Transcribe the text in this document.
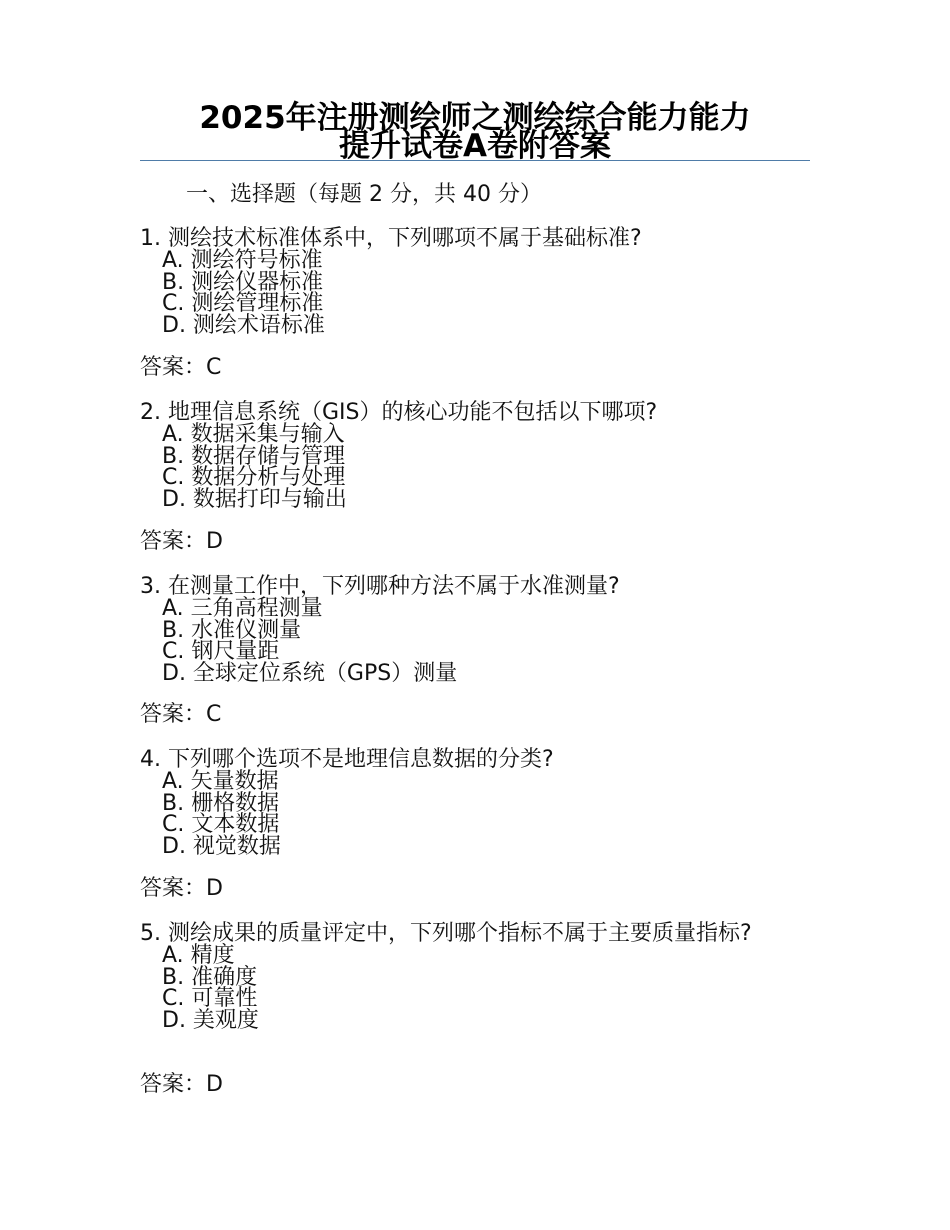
2025年注册测绘师之测绘综合能力能力
提升试卷A卷附答案
一、选择题（每题 2 分，共 40 分）
1. 测绘技术标准体系中，下列哪项不属于基础标准?
A. 测绘符号标准
B. 测绘仪器标准
C. 测绘管理标准
D. 测绘术语标准
答案：C
2. 地理信息系统（GIS）的核心功能不包括以下哪项?
A. 数据采集与输入
B. 数据存储与管理
C. 数据分析与处理
D. 数据打印与输出
答案：D
3. 在测量工作中，下列哪种方法不属于水准测量?
A. 三角高程测量
B. 水准仪测量
C. 钢尺量距
D. 全球定位系统（GPS）测量
答案：C
4. 下列哪个选项不是地理信息数据的分类?
A. 矢量数据
B. 栅格数据
C. 文本数据
D. 视觉数据
答案：D
5. 测绘成果的质量评定中，下列哪个指标不属于主要质量指标?
A. 精度
B. 准确度
C. 可靠性
D. 美观度
答案：D
